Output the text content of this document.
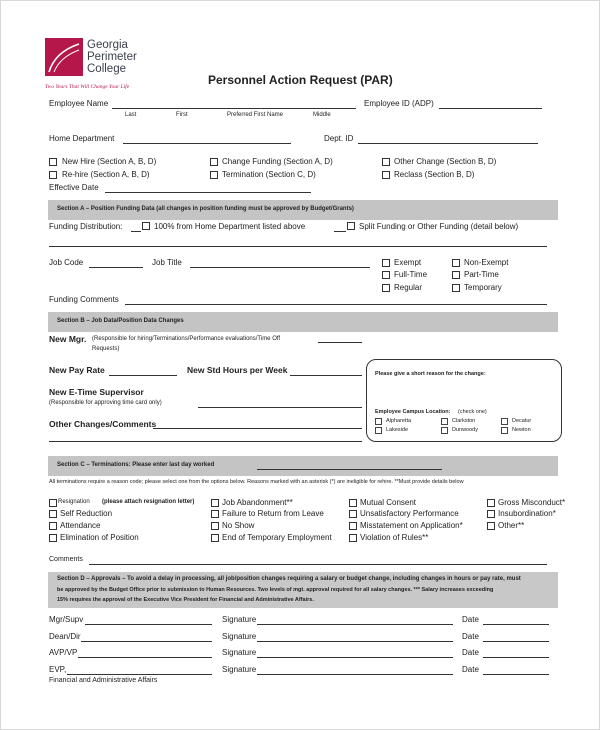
Georgia
Perimeter
College
Two Years That Will Change Your Life	Personnel Action Request (PAR)
Employee Name
Last	First	Preferred First Name	Middle
Employee ID (ADP)
Home Department	Dept. ID
New Hire (Section A, B, D)	Change Funding (Section A, D)	Other Change (Section B, D)
Re-hire (Section A, B, D)	Termination (Section C, D)	Reclass (Section B, D)
Effective Date
Section A – Position Funding Data (all changes in position funding must be approved by Budget/Grants)
Funding Distribution:	100% from Home Department listed above	Split Funding or Other Funding (detail below)
Job Code	Job Title	Exempt	Non-Exempt
Full-Time	Part-Time
Regular	Temporary
Funding Comments
Section B – Job Data/Position Data Changes
New Mgr. (Responsible for hiring/Terminations/Performance evaluations/Time Off
Requests)
New Pay Rate	New Std Hours per Week
New E-Time Supervisor
(Responsible for approving time card only)
Other Changes/Comments
Please give a short reason for the change:
Employee Campus Location: (check one)
Alpharetta	Clarkston	Decatur
Lakeside	Dunwoody	Newton
Section C – Terminations: Please enter last day worked
All terminations require a reason code; please select one from the options below. Reasons marked with an asterisk (*) are ineligible for rehire. **Must provide details below
Resignation (please attach resignation letter)	Job Abandonment**	Mutual Consent	Gross Misconduct*
Self Reduction	Failure to Return from Leave	Unsatisfactory Performance	Insubordination*
Attendance	No Show	Misstatement on Application*	Other**
Elimination of Position	End of Temporary Employment	Violation of Rules**
Comments
Section D – Approvals – To avoid a delay in processing, all job/position changes requiring a salary or budget change, including changes in hours or pay rate, must
be approved by the Budget Office prior to submission to Human Resources. Two levels of mgt. approval required for all salary changes. *** Salary increases exceeding
15% requires the approval of the Executive Vice President for Financial and Administrative Affairs.
Mgr/Supv	Signature	Date
Dean/Dir	Signature	Date
AVP/VP	Signature	Date
EVP,	Signature	Date
Financial and Administrative Affairs
